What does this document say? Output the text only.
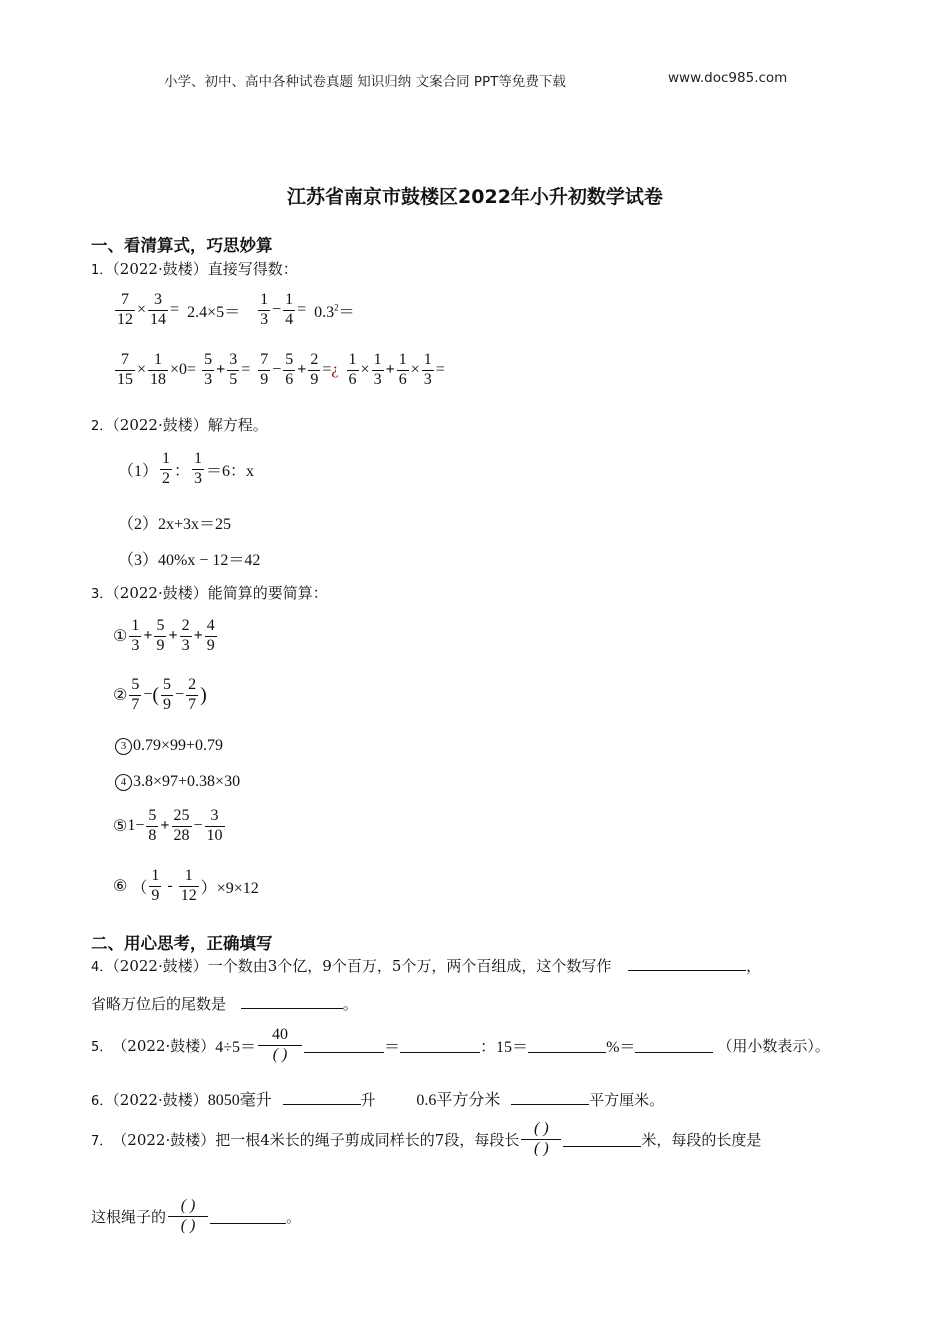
小学、初中、高中各种试卷真题 知识归纳 文案合同 PPT等免费下载	www.doc985.com
江苏省南京市鼓楼区2022年小升初数学试卷
一、看清算式，巧思妙算
1．（2022·鼓楼）直接写得数：
$\frac{7}{12} \times \frac{3}{14} = 2.4\times 5= \frac{1}{3} - \frac{1}{4} = 0.3^2=$
$\frac{7}{15} \times \frac{1}{18} \times 0= \frac{5}{3} + \frac{3}{5} = \frac{7}{9} - \frac{5}{6} + \frac{2}{9}$ = ¿ $\frac{1}{6} \times \frac{1}{3} + \frac{1}{6} \times \frac{1}{3}$ =
2．（2022·鼓楼）解方程。
$(1) \frac{1}{2}$ ： $\frac{1}{3} =6$：x
（2）2x+3x＝25
（3）40%x − 12＝42
3．（2022·鼓楼）能简算的要简算：
① $\frac{1}{3} + \frac{5}{9} + \frac{2}{3} + \frac{4}{9}$
② $\frac{5}{7}$ − ( $\frac{5}{9} - \frac{2}{7}$ )
3 0.79×99+0.79
4 3.8×97+0.38×30
⑤ $1 - \frac{5}{8} + \frac{25}{28} - \frac{3}{10}$
⑥ （ $\frac{1}{9} - \frac{1}{12} )\times 9\times 12$
二、用心思考，正确填写
4．（2022·鼓楼）一个数由3个亿，9个百万，5个万，两个百组成，这个数写作	，
省略万位后的尾数是	。
5． （2022·鼓楼） $4\div 5= \frac{40}{( )}$	＝	：15＝	%＝	（用小数表示）。
6．（2022·鼓楼）8050毫升	升	0.6平方分米	平方厘米。
7． （2022·鼓楼） 把一根4米长的绳子剪成同样长的7段，每段长 $\frac{( )}{( )}$	米，每段的长度是
这根绳子的 $\frac{( )}{( )}$	。
